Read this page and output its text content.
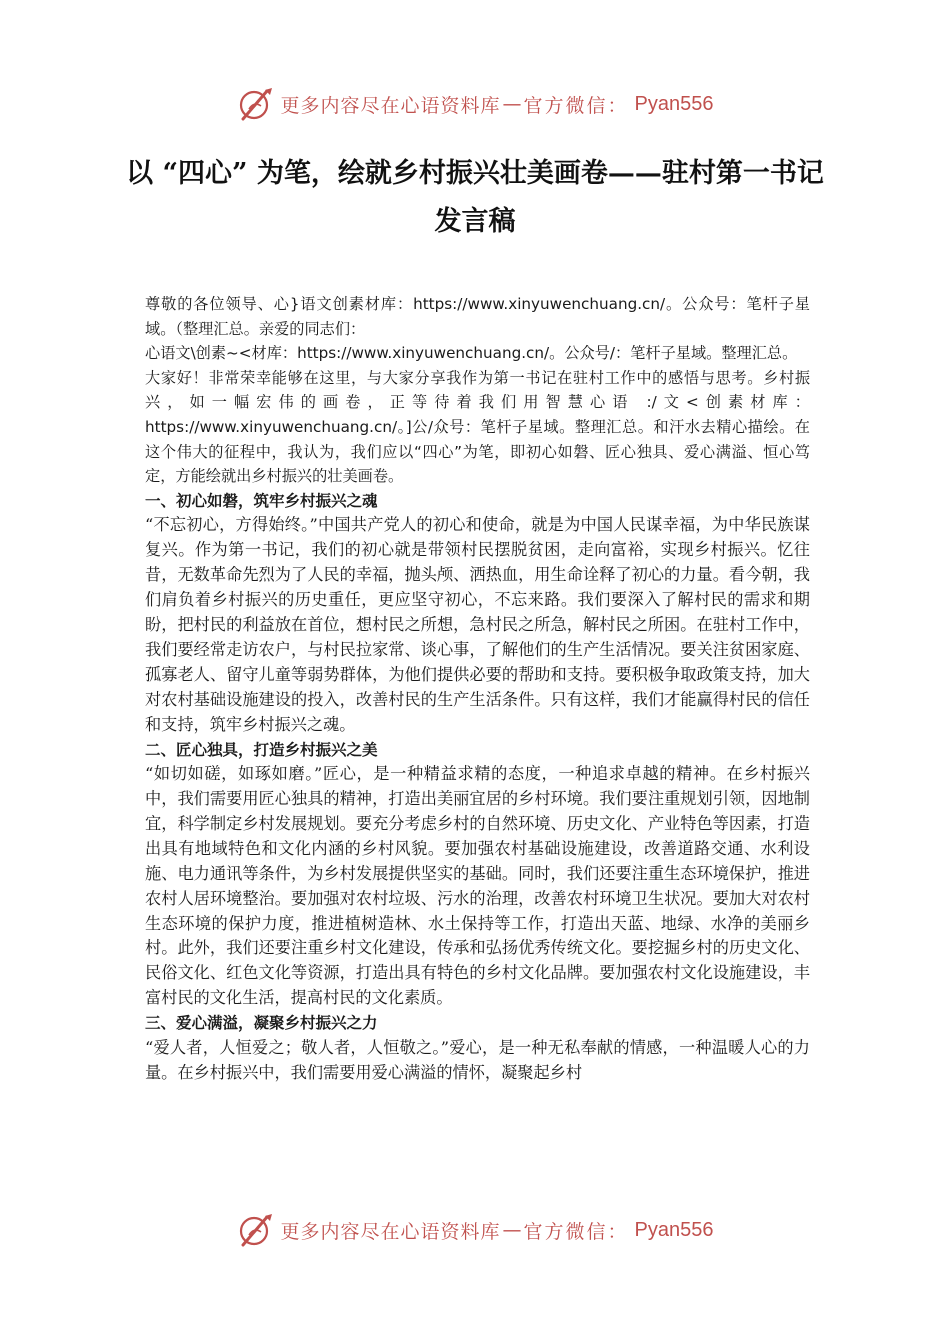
更多内容尽在心语资料库 — 官方微信： Pyan556
以 “四心” 为笔，绘就乡村振兴壮美画卷——驻村第一书记发言稿

尊敬的各位领导、心}语文创素材库：https://www.xinyuwenchuang.cn/。公众号：笔杆子星域。（整理汇总。亲爱的同志们：

心语文\创素~<材库：https://www.xinyuwenchuang.cn/。公众号/：笔杆子星域。整理汇总。

大家好！非常荣幸能够在这里，与大家分享我作为第一书记在驻村工作中的感悟与思考。乡村振兴，如一幅宏伟的画卷，正等待着我们用智慧心语 :/文<创素材库：https://www.xinyuwenchuang.cn/。]公/众号：笔杆子星域。整理汇总。和汗水去精心描绘。在这个伟大的征程中，我认为，我们应以“四心”为笔，即初心如磐、匠心独具、爱心满溢、恒心笃定，方能绘就出乡村振兴的壮美画卷。

一、初心如磐，筑牢乡村振兴之魂

“不忘初心，方得始终。”中国共产党人的初心和使命，就是为中国人民谋幸福，为中华民族谋复兴。作为第一书记，我们的初心就是带领村民摆脱贫困，走向富裕，实现乡村振兴。忆往昔，无数革命先烈为了人民的幸福，抛头颅、洒热血，用生命诠释了初心的力量。看今朝，我们肩负着乡村振兴的历史重任，更应坚守初心，不忘来路。我们要深入了解村民的需求和期盼，把村民的利益放在首位，想村民之所想，急村民之所急，解村民之所困。在驻村工作中，我们要经常走访农户，与村民拉家常、谈心事，了解他们的生产生活情况。要关注贫困家庭、孤寡老人、留守儿童等弱势群体，为他们提供必要的帮助和支持。要积极争取政策支持，加大对农村基础设施建设的投入，改善村民的生产生活条件。只有这样，我们才能赢得村民的信任和支持，筑牢乡村振兴之魂。

二、匠心独具，打造乡村振兴之美

“如切如磋，如琢如磨。”匠心，是一种精益求精的态度，一种追求卓越的精神。在乡村振兴中，我们需要用匠心独具的精神，打造出美丽宜居的乡村环境。我们要注重规划引领，因地制宜，科学制定乡村发展规划。要充分考虑乡村的自然环境、历史文化、产业特色等因素，打造出具有地域特色和文化内涵的乡村风貌。要加强农村基础设施建设，改善道路交通、水利设施、电力通讯等条件，为乡村发展提供坚实的基础。同时，我们还要注重生态环境保护，推进农村人居环境整治。要加强对农村垃圾、污水的治理，改善农村环境卫生状况。要加大对农村生态环境的保护力度，推进植树造林、水土保持等工作，打造出天蓝、地绿、水净的美丽乡村。此外，我们还要注重乡村文化建设，传承和弘扬优秀传统文化。要挖掘乡村的历史文化、民俗文化、红色文化等资源，打造出具有特色的乡村文化品牌。要加强农村文化设施建设，丰富村民的文化生活，提高村民的文化素质。

三、爱心满溢，凝聚乡村振兴之力

“爱人者，人恒爱之；敬人者，人恒敬之。”爱心，是一种无私奉献的情感，一种温暖人心的力量。在乡村振兴中，我们需要用爱心满溢的情怀，凝聚起乡村

更多内容尽在心语资料库 — 官方微信： Pyan556
